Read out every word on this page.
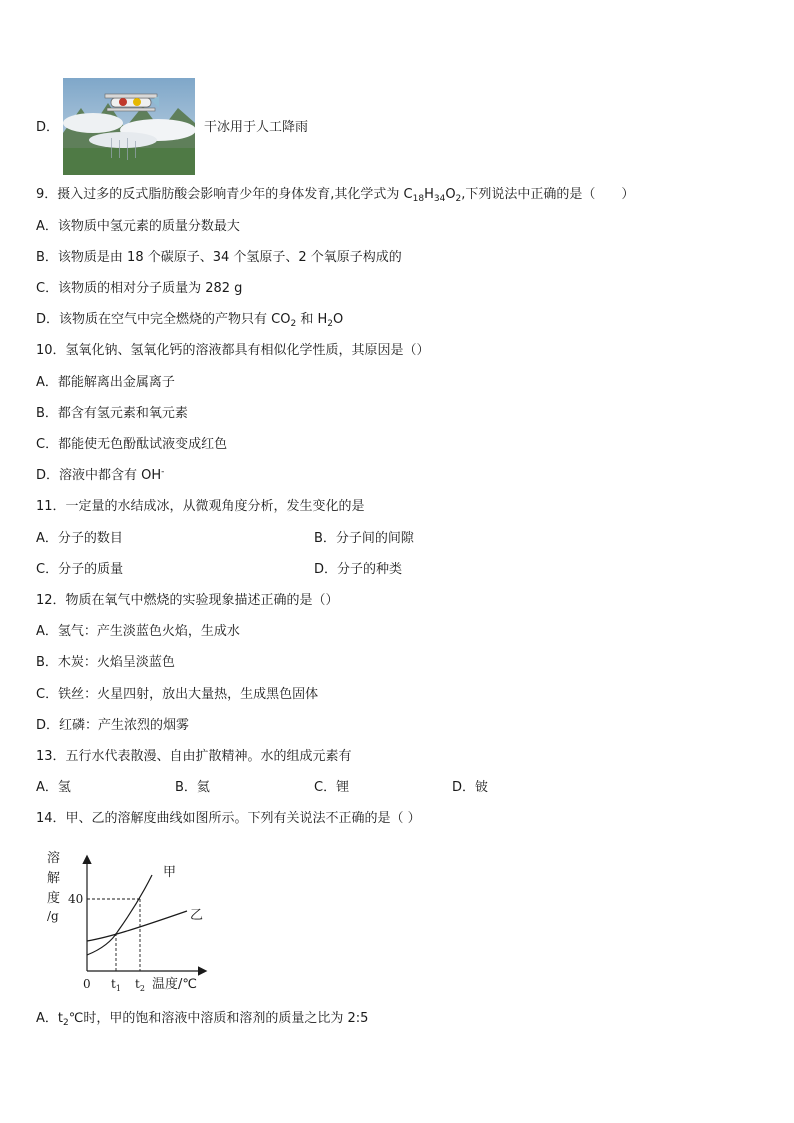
D．	干冰用于人工降雨
9．摄入过多的反式脂肪酸会影响青少年的身体发育,其化学式为 $C_{18}H_{34}O_2$,下列说法中正确的是（　　）
A．该物质中氢元素的质量分数最大
B．该物质是由 18 个碳原子、34 个氢原子、2 个氧原子构成的
C．该物质的相对分子质量为 282 g
D．该物质在空气中完全燃烧的产物只有 $CO_2$ 和 $H_2O$
10．氢氧化钠、氢氧化钙的溶液都具有相似化学性质，其原因是（）
A．都能解离出金属离子
B．都含有氢元素和氧元素
C．都能使无色酚酞试液变成红色
D．溶液中都含有 OH-
11．一定量的水结成冰，从微观角度分析，发生变化的是
A．分子的数目	B．分子间的间隙
C．分子的质量	D．分子的种类
12．物质在氧气中燃烧的实验现象描述正确的是（）
A．氢气：产生淡蓝色火焰，生成水
B．木炭：火焰呈淡蓝色
C．铁丝：火星四射，放出大量热，生成黑色固体
D．红磷：产生浓烈的烟雾
13．五行水代表散漫、自由扩散精神。水的组成元素有
A．氢	B．氦	C．锂	D．铍
14．甲、乙的溶解度曲线如图所示。下列有关说法不正确的是（ ）
溶
解
度
/g
40
0 $t_1$ $t_2$ 温度/℃
甲
乙
A．$t_2℃$时，甲的饱和溶液中溶质和溶剂的质量之比为 2:5
